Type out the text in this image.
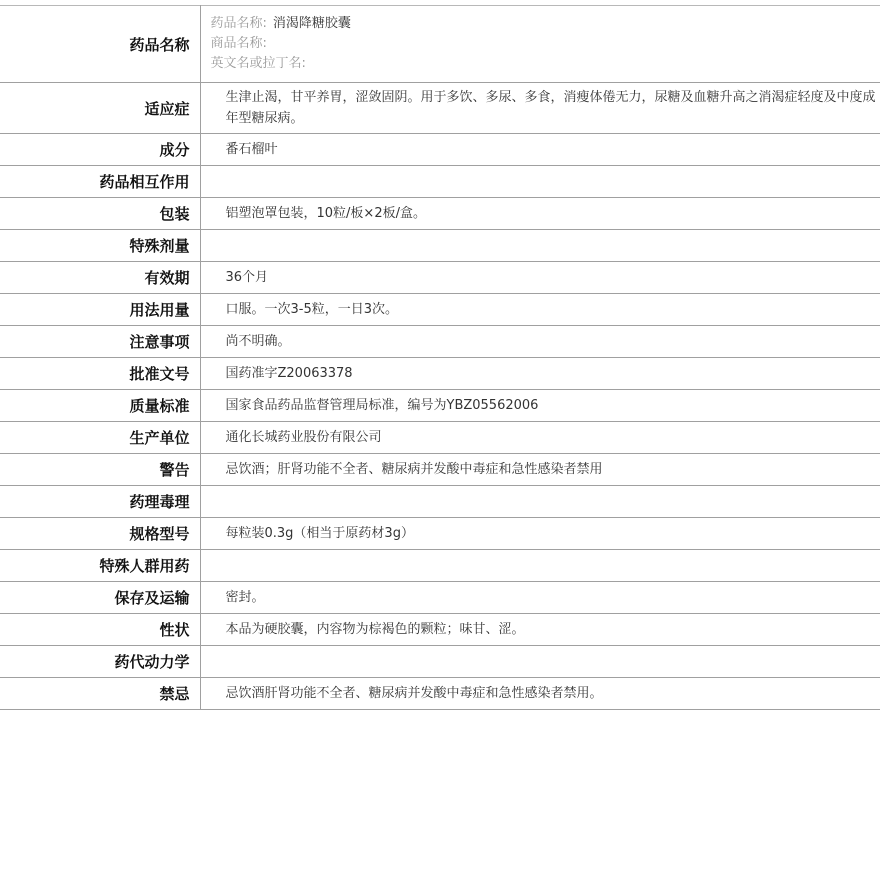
药品名称	药品名称: 消渴降糖胶囊
商品名称:
英文名或拉丁名:

适应症	生津止渴，甘平养胃，涩敛固阴。用于多饮、多尿、多食，消瘦体倦无力，尿糖及血糖升高之消渴症轻度及中度成年型糖尿病。
成分	番石榴叶
药品相互作用	
包装	铝塑泡罩包装，10粒/板×2板/盒。
特殊剂量	
有效期	36个月
用法用量	口服。一次3-5粒，一日3次。
注意事项	尚不明确。
批准文号	国药准字Z20063378
质量标准	国家食品药品监督管理局标准，编号为YBZ05562006
生产单位	通化长城药业股份有限公司
警告	忌饮酒；肝肾功能不全者、糖尿病并发酸中毒症和急性感染者禁用
药理毒理	
规格型号	每粒装0.3g（相当于原药材3g）
特殊人群用药	
保存及运输	密封。
性状	本品为硬胶囊，内容物为棕褐色的颗粒；味甘、涩。
药代动力学	
禁忌	忌饮酒肝肾功能不全者、糖尿病并发酸中毒症和急性感染者禁用。
